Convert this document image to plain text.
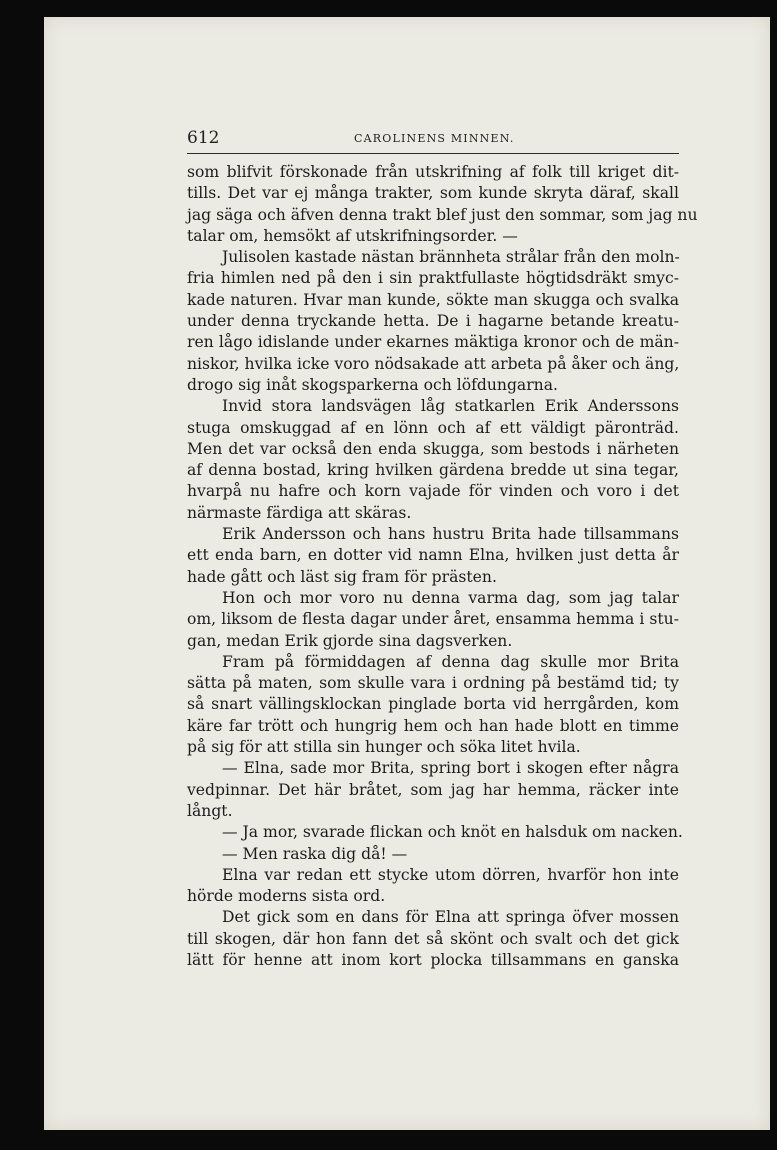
612	CAROLINENS MINNEN.
som blifvit förskonade från utskrifning af folk till kriget dit-
tills. Det var ej många trakter, som kunde skryta däraf, skall
jag säga och äfven denna trakt blef just den sommar, som jag nu
talar om, hemsökt af utskrifningsorder. —
Julisolen kastade nästan brännheta strålar från den moln-
fria himlen ned på den i sin praktfullaste högtidsdräkt smyc-
kade naturen. Hvar man kunde, sökte man skugga och svalka
under denna tryckande hetta. De i hagarne betande kreatu-
ren lågo idislande under ekarnes mäktiga kronor och de män-
niskor, hvilka icke voro nödsakade att arbeta på åker och äng,
drogo sig inåt skogsparkerna och löfdungarna.
Invid stora landsvägen låg statkarlen Erik Anderssons
stuga omskuggad af en lönn och af ett väldigt päronträd.
Men det var också den enda skugga, som bestods i närheten
af denna bostad, kring hvilken gärdena bredde ut sina tegar,
hvarpå nu hafre och korn vajade för vinden och voro i det
närmaste färdiga att skäras.
Erik Andersson och hans hustru Brita hade tillsammans
ett enda barn, en dotter vid namn Elna, hvilken just detta år
hade gått och läst sig fram för prästen.
Hon och mor voro nu denna varma dag, som jag talar
om, liksom de flesta dagar under året, ensamma hemma i stu-
gan, medan Erik gjorde sina dagsverken.
Fram på förmiddagen af denna dag skulle mor Brita
sätta på maten, som skulle vara i ordning på bestämd tid; ty
så snart vällingsklockan pinglade borta vid herrgården, kom
käre far trött och hungrig hem och han hade blott en timme
på sig för att stilla sin hunger och söka litet hvila.
— Elna, sade mor Brita, spring bort i skogen efter några
vedpinnar. Det här bråtet, som jag har hemma, räcker inte
långt.
— Ja mor, svarade flickan och knöt en halsduk om nacken.
— Men raska dig då! —
Elna var redan ett stycke utom dörren, hvarför hon inte
hörde moderns sista ord.
Det gick som en dans för Elna att springa öfver mossen
till skogen, där hon fann det så skönt och svalt och det gick
lätt för henne att inom kort plocka tillsammans en ganska
